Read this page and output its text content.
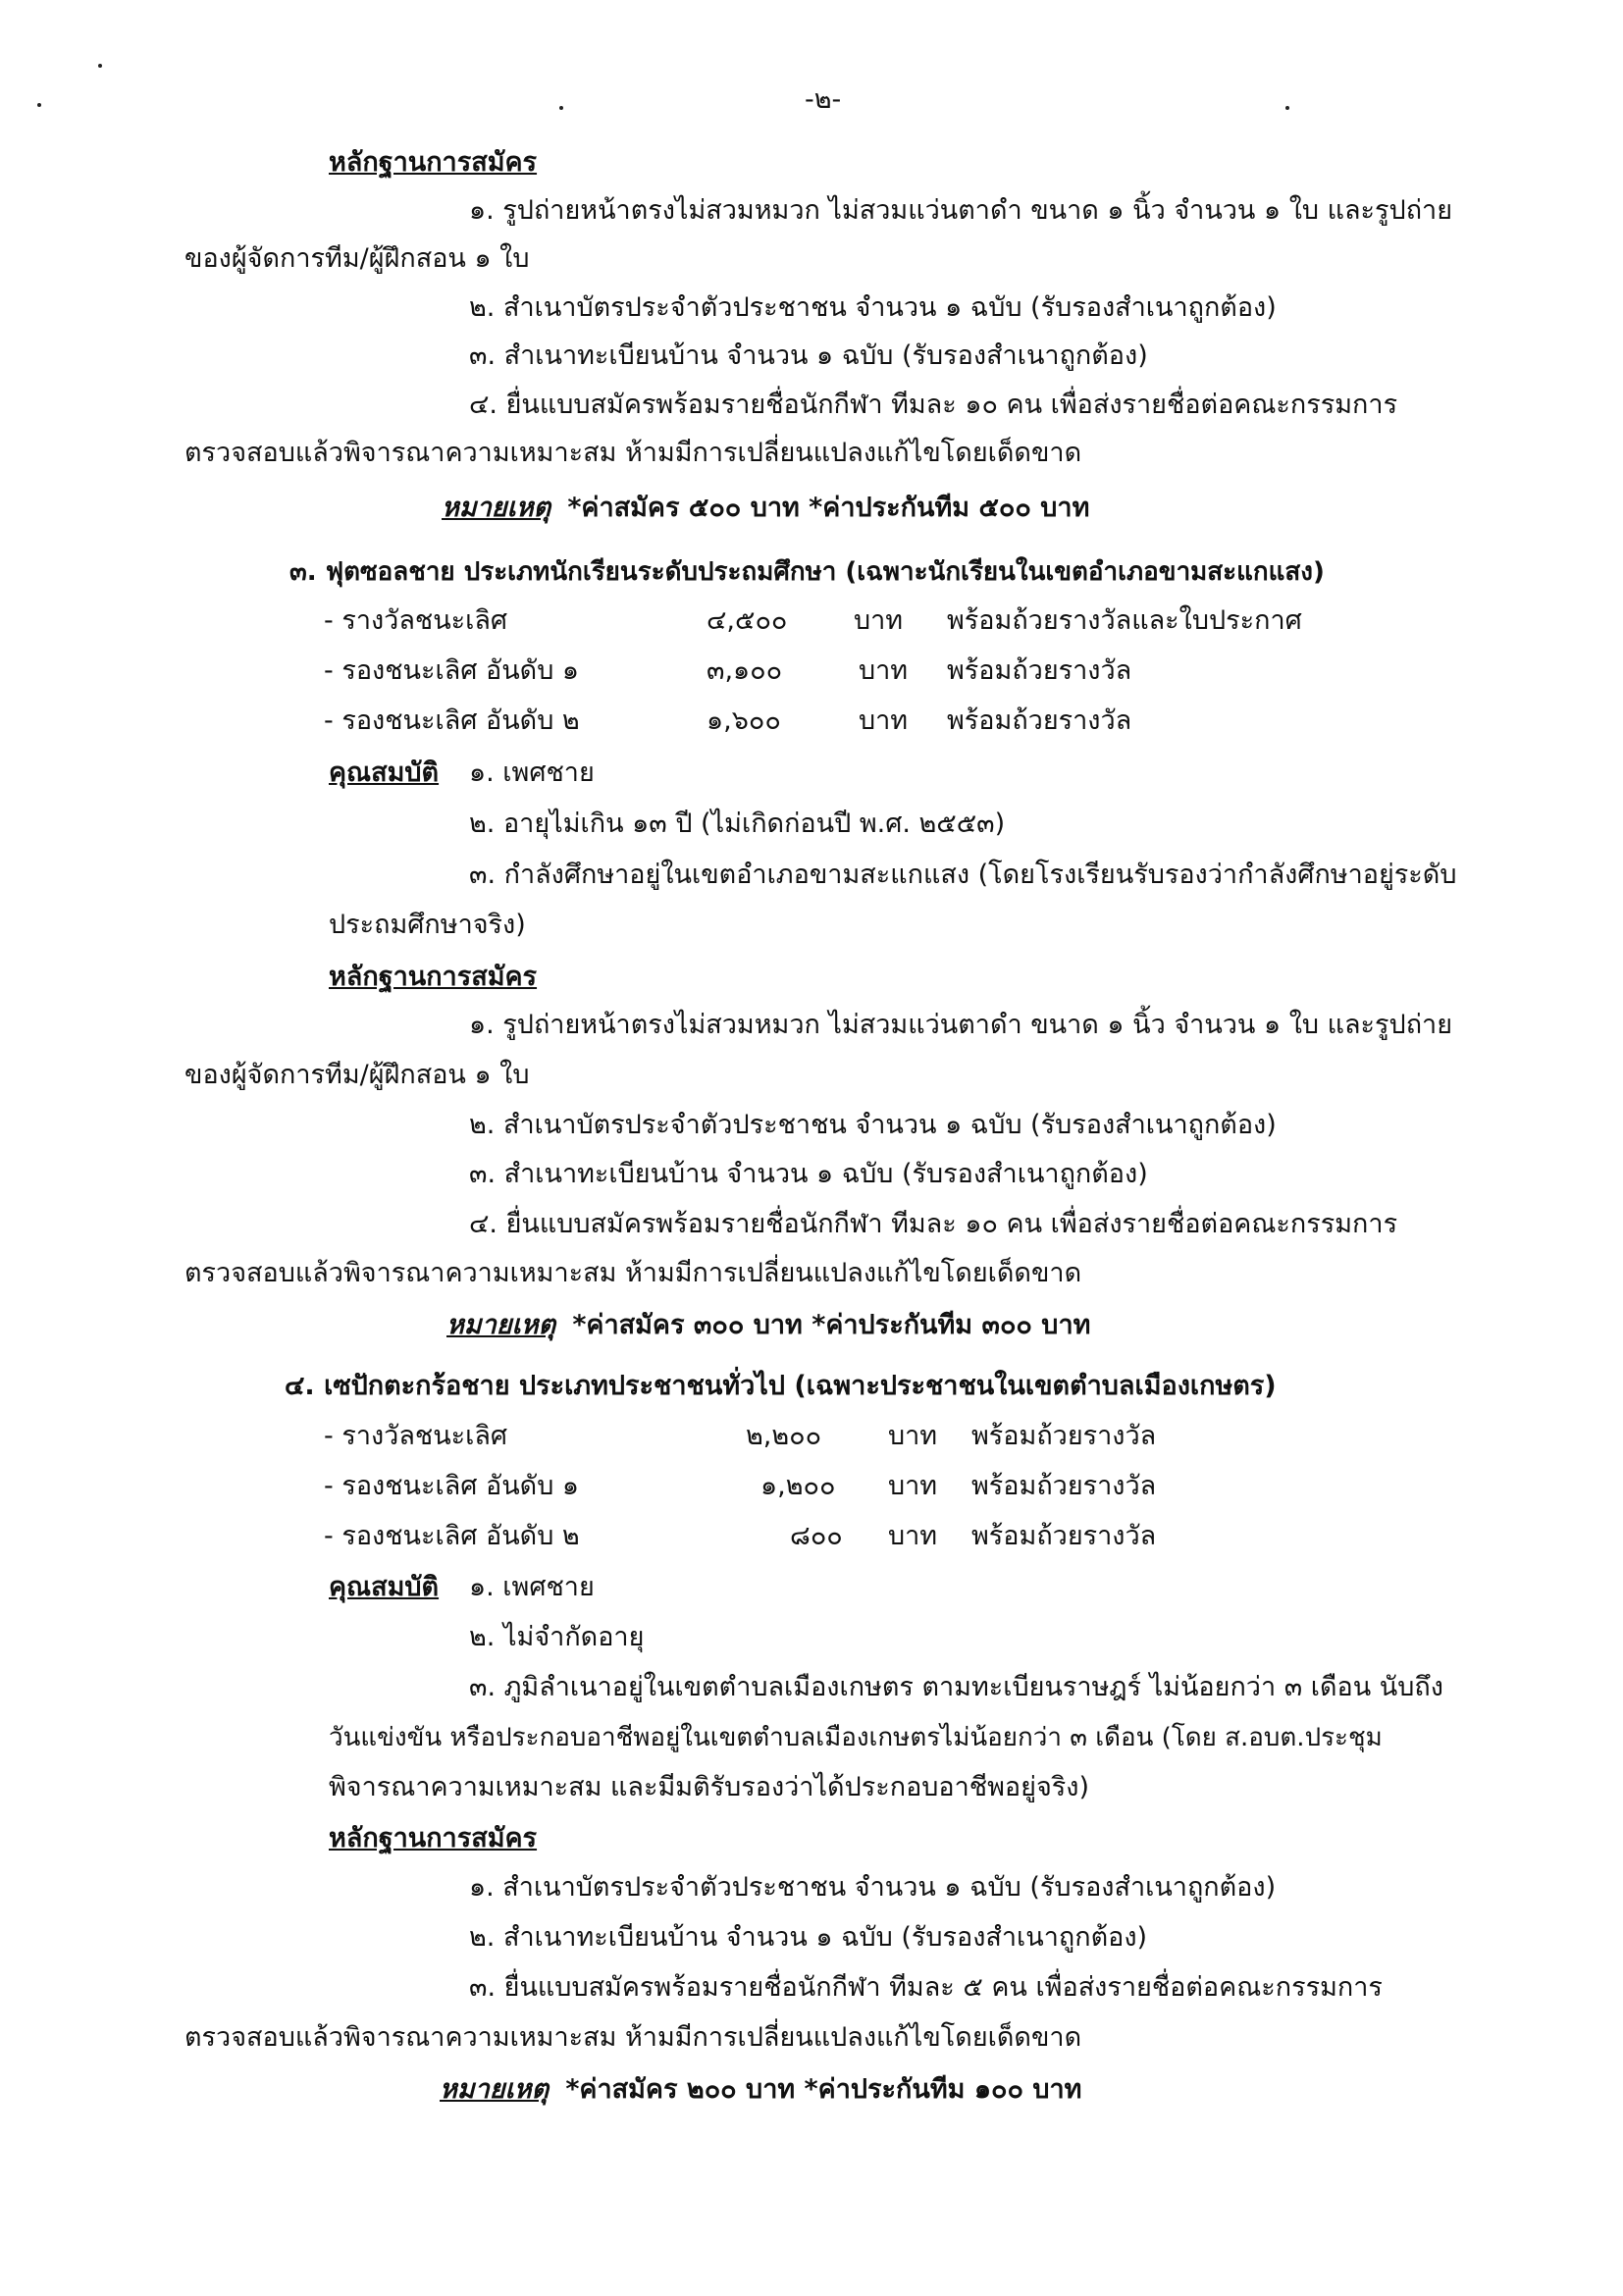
-๒-
หลักฐานการสมัคร
๑. รูปถ่ายหน้าตรงไม่สวมหมวก ไม่สวมแว่นตาดำ ขนาด ๑ นิ้ว จำนวน ๑ ใบ และรูปถ่าย
ของผู้จัดการทีม/ผู้ฝึกสอน ๑ ใบ
๒. สำเนาบัตรประจำตัวประชาชน จำนวน ๑ ฉบับ (รับรองสำเนาถูกต้อง)
๓. สำเนาทะเบียนบ้าน จำนวน ๑ ฉบับ (รับรองสำเนาถูกต้อง)
๔. ยื่นแบบสมัครพร้อมรายชื่อนักกีฬา ทีมละ ๑๐ คน เพื่อส่งรายชื่อต่อคณะกรรมการ
ตรวจสอบแล้วพิจารณาความเหมาะสม ห้ามมีการเปลี่ยนแปลงแก้ไขโดยเด็ดขาด
หมายเหตุ *ค่าสมัคร ๕๐๐ บาท *ค่าประกันทีม ๕๐๐ บาท
๓. ฟุตซอลชาย ประเภทนักเรียนระดับประถมศึกษา (เฉพาะนักเรียนในเขตอำเภอขามสะแกแสง)
- รางวัลชนะเลิศ	๔,๕๐๐	บาท พร้อมถ้วยรางวัลและใบประกาศ
- รองชนะเลิศ อันดับ ๑	๓,๑๐๐	บาท พร้อมถ้วยรางวัล
- รองชนะเลิศ อันดับ ๒	๑,๖๐๐	บาท พร้อมถ้วยรางวัล
คุณสมบัติ ๑. เพศชาย
๒. อายุไม่เกิน ๑๓ ปี (ไม่เกิดก่อนปี พ.ศ. ๒๕๕๓)
๓. กำลังศึกษาอยู่ในเขตอำเภอขามสะแกแสง (โดยโรงเรียนรับรองว่ากำลังศึกษาอยู่ระดับ
ประถมศึกษาจริง)
หลักฐานการสมัคร
๑. รูปถ่ายหน้าตรงไม่สวมหมวก ไม่สวมแว่นตาดำ ขนาด ๑ นิ้ว จำนวน ๑ ใบ และรูปถ่าย
ของผู้จัดการทีม/ผู้ฝึกสอน ๑ ใบ
๒. สำเนาบัตรประจำตัวประชาชน จำนวน ๑ ฉบับ (รับรองสำเนาถูกต้อง)
๓. สำเนาทะเบียนบ้าน จำนวน ๑ ฉบับ (รับรองสำเนาถูกต้อง)
๔. ยื่นแบบสมัครพร้อมรายชื่อนักกีฬา ทีมละ ๑๐ คน เพื่อส่งรายชื่อต่อคณะกรรมการ
ตรวจสอบแล้วพิจารณาความเหมาะสม ห้ามมีการเปลี่ยนแปลงแก้ไขโดยเด็ดขาด
หมายเหตุ *ค่าสมัคร ๓๐๐ บาท *ค่าประกันทีม ๓๐๐ บาท
๔. เซปักตะกร้อชาย ประเภทประชาชนทั่วไป (เฉพาะประชาชนในเขตตำบลเมืองเกษตร)
- รางวัลชนะเลิศ	๒,๒๐๐	บาท พร้อมถ้วยรางวัล
- รองชนะเลิศ อันดับ ๑	๑,๒๐๐ บาท พร้อมถ้วยรางวัล
- รองชนะเลิศ อันดับ ๒	๘๐๐ บาท พร้อมถ้วยรางวัล
คุณสมบัติ ๑. เพศชาย
๒. ไม่จำกัดอายุ
๓. ภูมิลำเนาอยู่ในเขตตำบลเมืองเกษตร ตามทะเบียนราษฎร์ ไม่น้อยกว่า ๓ เดือน นับถึง
วันแข่งขัน หรือประกอบอาชีพอยู่ในเขตตำบลเมืองเกษตรไม่น้อยกว่า ๓ เดือน (โดย ส.อบต.ประชุม
พิจารณาความเหมาะสม และมีมติรับรองว่าได้ประกอบอาชีพอยู่จริง)
หลักฐานการสมัคร
๑. สำเนาบัตรประจำตัวประชาชน จำนวน ๑ ฉบับ (รับรองสำเนาถูกต้อง)
๒. สำเนาทะเบียนบ้าน จำนวน ๑ ฉบับ (รับรองสำเนาถูกต้อง)
๓. ยื่นแบบสมัครพร้อมรายชื่อนักกีฬา ทีมละ ๕ คน เพื่อส่งรายชื่อต่อคณะกรรมการ
ตรวจสอบแล้วพิจารณาความเหมาะสม ห้ามมีการเปลี่ยนแปลงแก้ไขโดยเด็ดขาด
หมายเหตุ *ค่าสมัคร ๒๐๐ บาท *ค่าประกันทีม ๑๐๐ บาท
